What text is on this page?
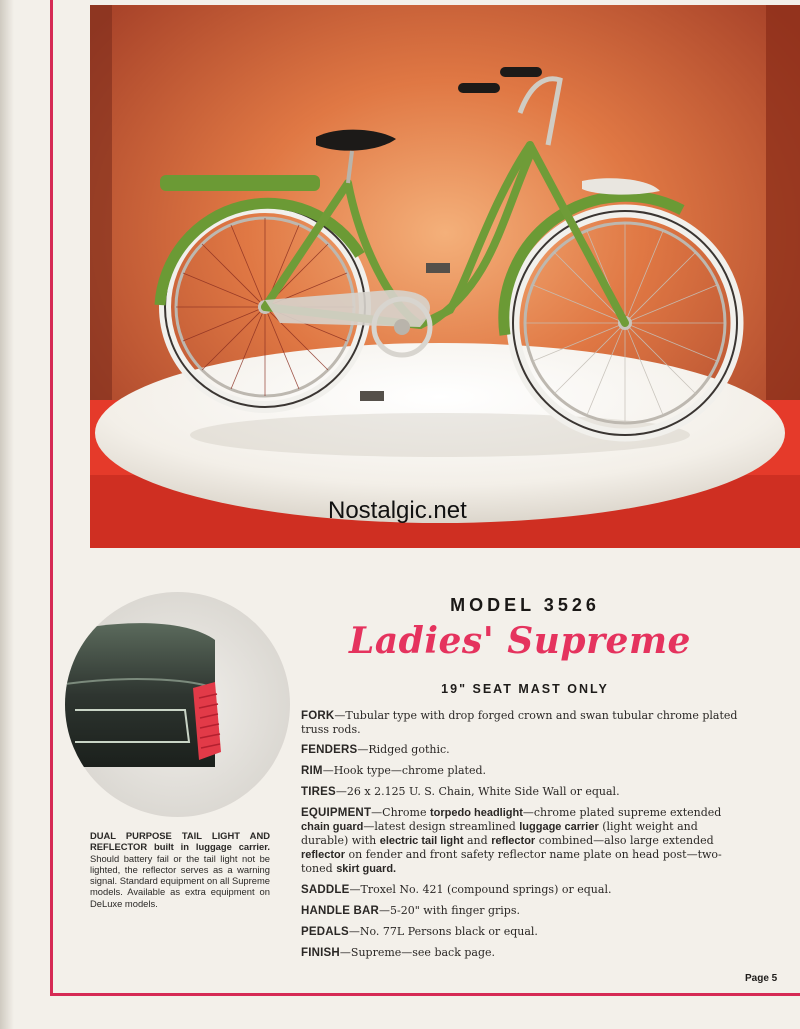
Nostalgic.net
DUAL PURPOSE TAIL LIGHT AND REFLECTOR built in luggage carrier. Should battery fail or the tail light not be lighted, the reflector serves as a warning signal. Standard equipment on all Supreme models. Available as extra equipment on DeLuxe models.
MODEL 3526
Ladies' Supreme
19" SEAT MAST ONLY
FORK—Tubular type with drop forged crown and swan tubular chrome plated truss rods.
FENDERS—Ridged gothic.
RIM—Hook type—chrome plated.
TIRES—26 x 2.125 U. S. Chain, White Side Wall or equal.
EQUIPMENT—Chrome torpedo headlight—chrome plated supreme extended chain guard—latest design streamlined luggage carrier (light weight and durable) with electric tail light and reflector combined—also large extended reflector on fender and front safety reflector name plate on head post—two-toned skirt guard.
SADDLE—Troxel No. 421 (compound springs) or equal.
HANDLE BAR—5-20" with finger grips.
PEDALS—No. 77L Persons black or equal.
FINISH—Supreme—see back page.
Page 5
